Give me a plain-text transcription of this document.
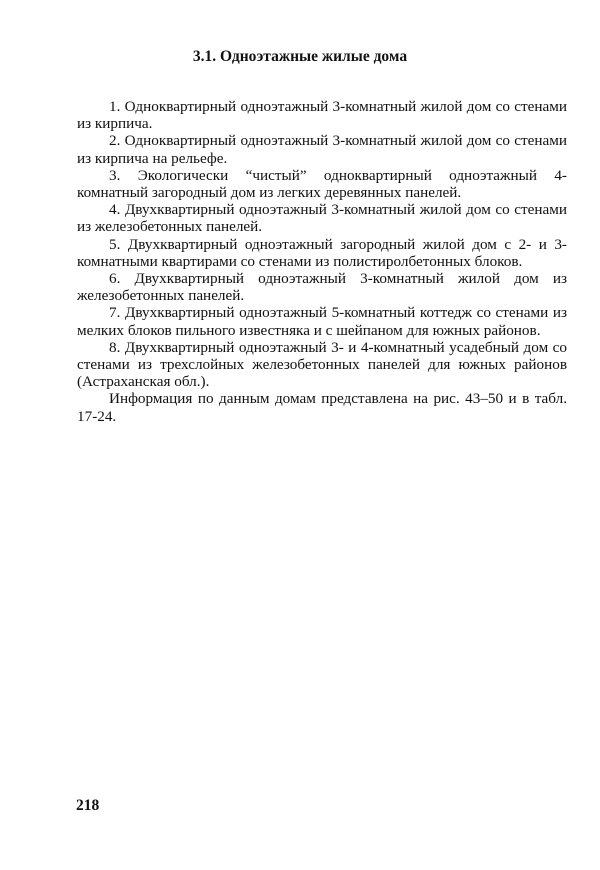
3.1. Одноэтажные жилые дома

1. Одноквартирный одноэтажный 3-комнатный жилой дом со стенами из кирпича.

2. Одноквартирный одноэтажный 3-комнатный жилой дом со стенами из кирпича на рельефе.

3. Экологически “чистый” одноквартирный одноэтажный 4-комнатный загородный дом из легких деревянных панелей.

4. Двухквартирный одноэтажный 3-комнатный жилой дом со стенами из железобетонных панелей.

5. Двухквартирный одноэтажный загородный жилой дом с 2- и 3-комнатными квартирами со стенами из полистиролбетонных блоков.

6. Двухквартирный одноэтажный 3-комнатный жилой дом из железобетонных панелей.

7. Двухквартирный одноэтажный 5-комнатный коттедж со стенами из мелких блоков пильного известняка и с шейпаном для южных районов.

8. Двухквартирный одноэтажный 3- и 4-комнатный усадебный дом со стенами из трехслойных железобетонных панелей для южных районов (Астраханская обл.).

Информация по данным домам представлена на рис. 43–50 и в табл. 17-24.

218
